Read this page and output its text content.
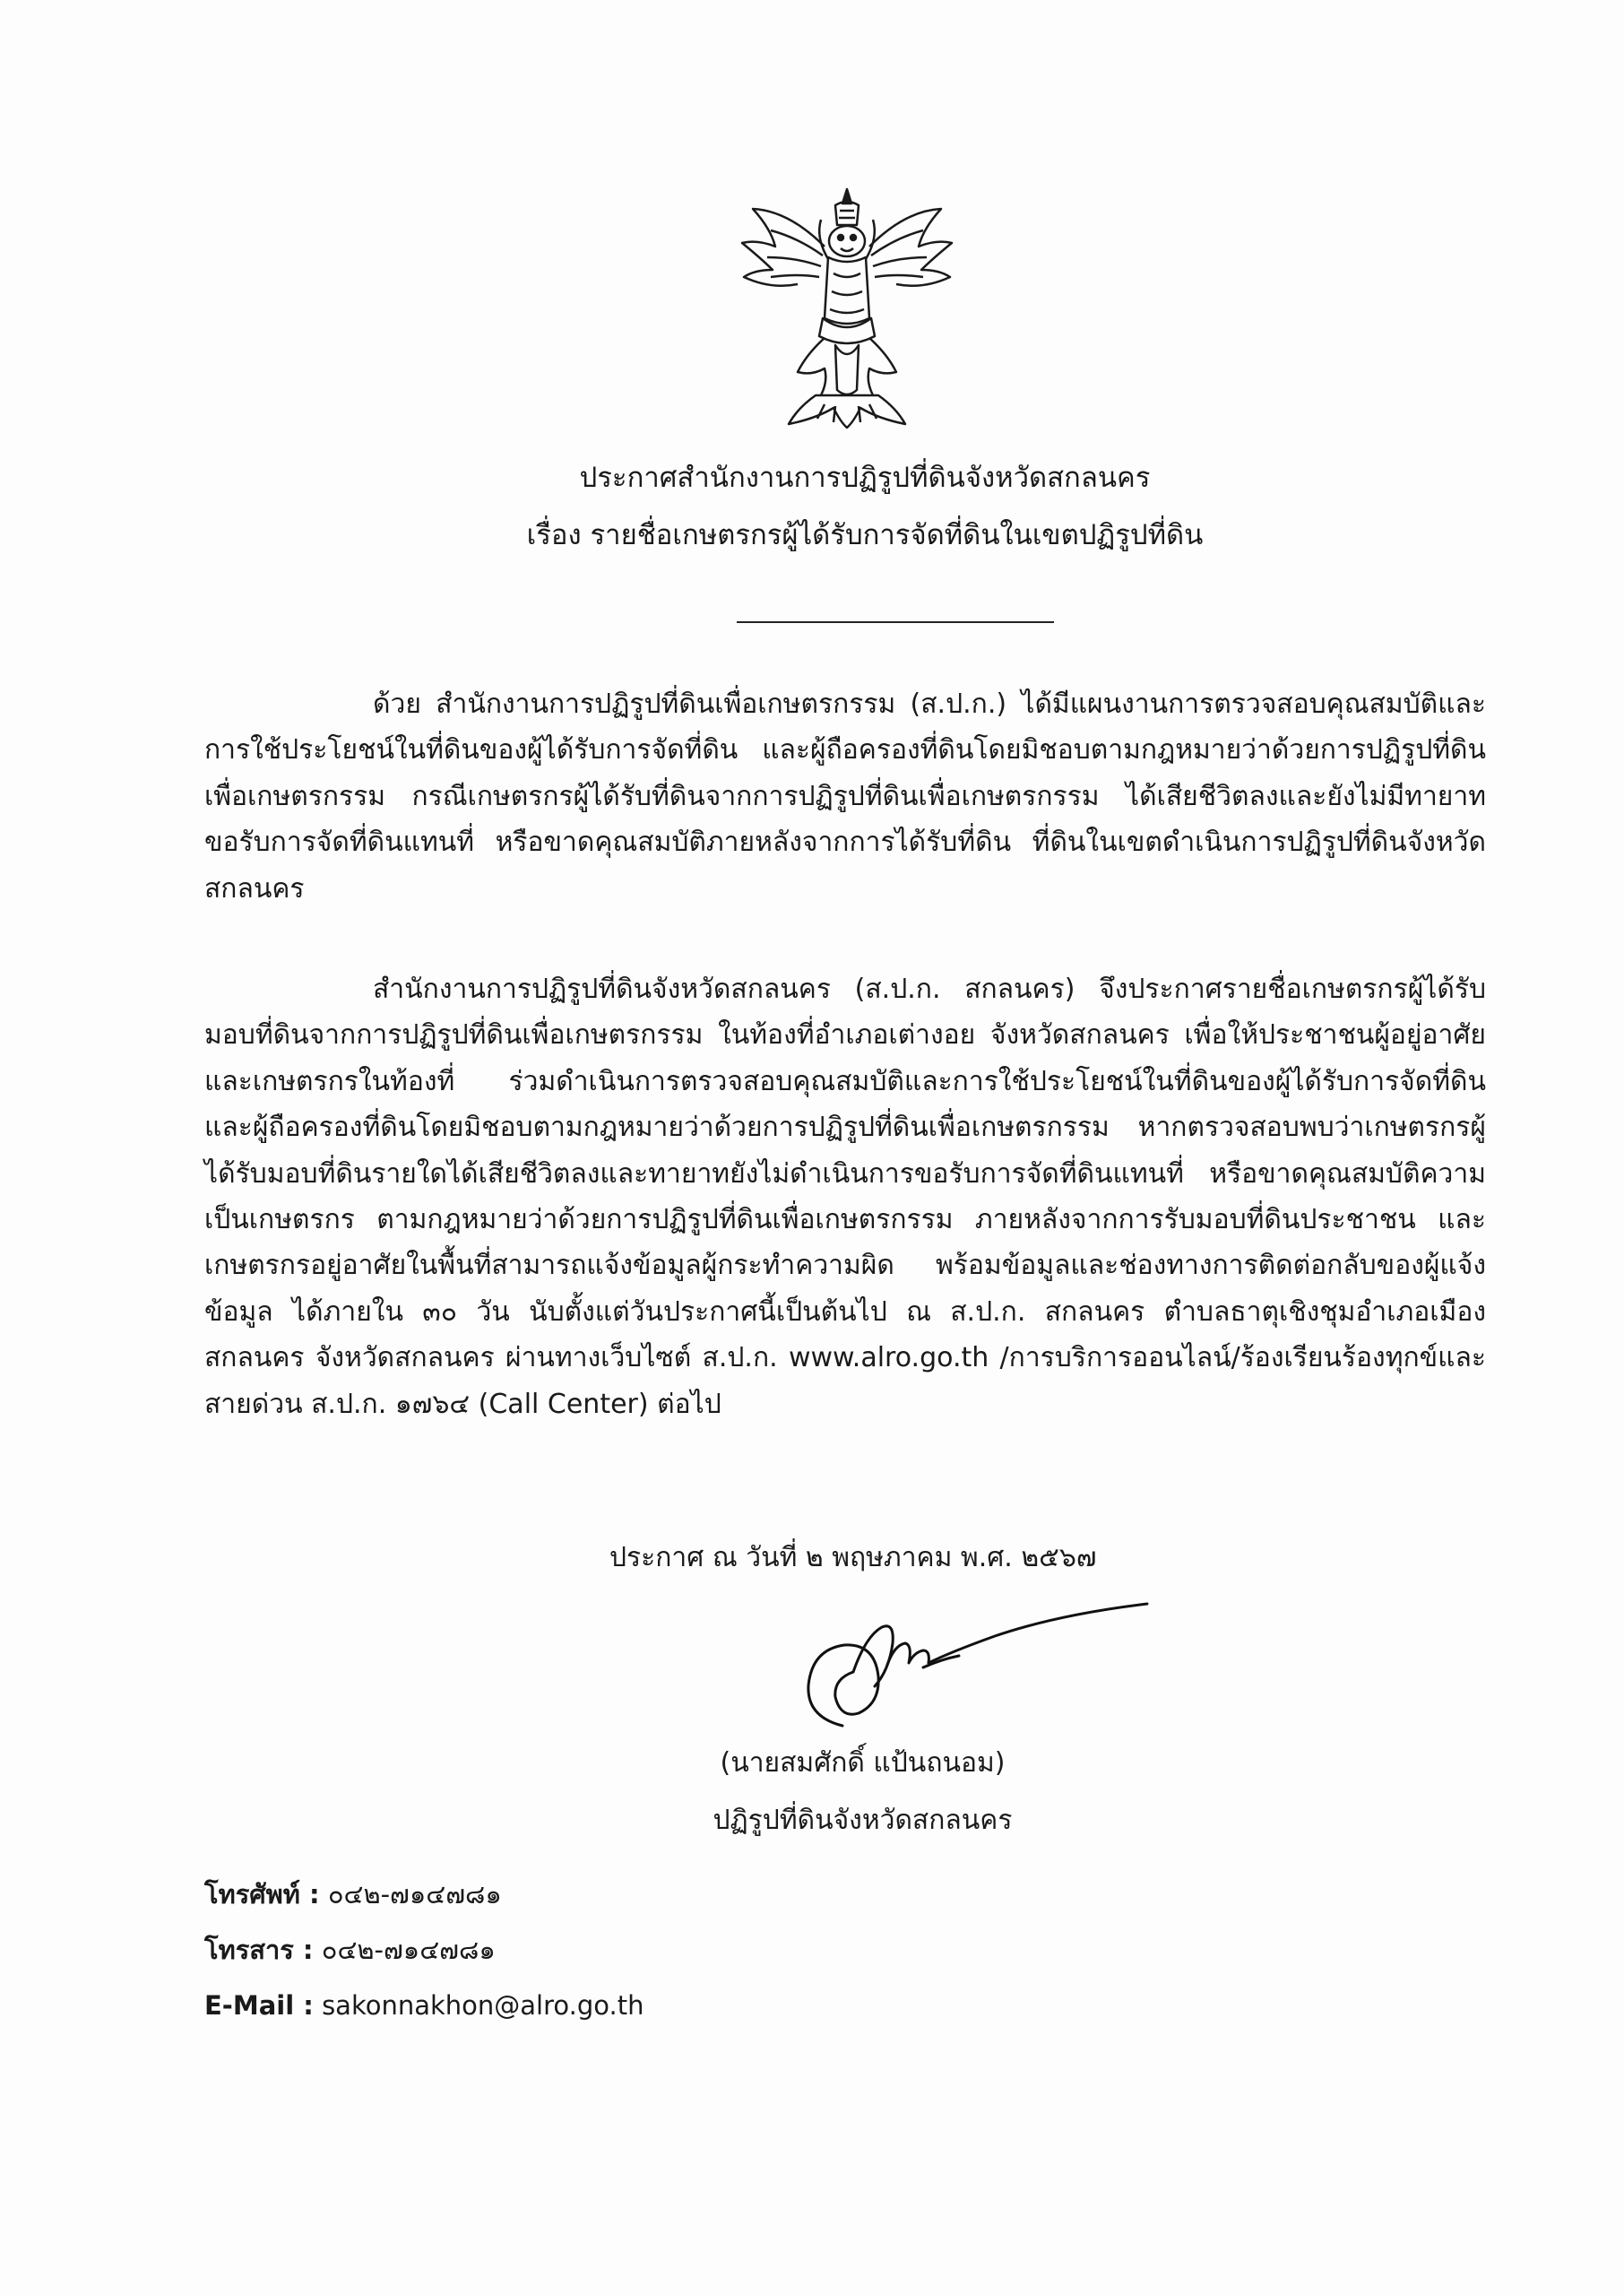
ประกาศสำนักงานการปฏิรูปที่ดินจังหวัดสกลนคร
เรื่อง รายชื่อเกษตรกรผู้ได้รับการจัดที่ดินในเขตปฏิรูปที่ดิน

ด้วย สำนักงานการปฏิรูปที่ดินเพื่อเกษตรกรรม (ส.ป.ก.) ได้มีแผนงานการตรวจสอบคุณสมบัติและการใช้ประโยชน์ในที่ดินของผู้ได้รับการจัดที่ดิน และผู้ถือครองที่ดินโดยมิชอบตามกฎหมายว่าด้วยการปฏิรูปที่ดินเพื่อเกษตรกรรม กรณีเกษตรกรผู้ได้รับที่ดินจากการปฏิรูปที่ดินเพื่อเกษตรกรรม ได้เสียชีวิตลงและยังไม่มีทายาทขอรับการจัดที่ดินแทนที่ หรือขาดคุณสมบัติภายหลังจากการได้รับที่ดิน ที่ดินในเขตดำเนินการปฏิรูปที่ดินจังหวัดสกลนคร

สำนักงานการปฏิรูปที่ดินจังหวัดสกลนคร (ส.ป.ก. สกลนคร) จึงประกาศรายชื่อเกษตรกรผู้ได้รับมอบที่ดินจากการปฏิรูปที่ดินเพื่อเกษตรกรรม ในท้องที่อำเภอเต่างอย จังหวัดสกลนคร เพื่อให้ประชาชนผู้อยู่อาศัยและเกษตรกรในท้องที่ ร่วมดำเนินการตรวจสอบคุณสมบัติและการใช้ประโยชน์ในที่ดินของผู้ได้รับการจัดที่ดิน และผู้ถือครองที่ดินโดยมิชอบตามกฎหมายว่าด้วยการปฏิรูปที่ดินเพื่อเกษตรกรรม หากตรวจสอบพบว่าเกษตรกรผู้ได้รับมอบที่ดินรายใดได้เสียชีวิตลงและทายาทยังไม่ดำเนินการขอรับการจัดที่ดินแทนที่ หรือขาดคุณสมบัติความเป็นเกษตรกร ตามกฎหมายว่าด้วยการปฏิรูปที่ดินเพื่อเกษตรกรรม ภายหลังจากการรับมอบที่ดินประชาชน และเกษตรกรอยู่อาศัยในพื้นที่สามารถแจ้งข้อมูลผู้กระทำความผิด พร้อมข้อมูลและช่องทางการติดต่อกลับของผู้แจ้งข้อมูล ได้ภายใน ๓๐ วัน นับตั้งแต่วันประกาศนี้เป็นต้นไป ณ ส.ป.ก. สกลนคร ตำบลธาตุเชิงชุมอำเภอเมืองสกลนคร จังหวัดสกลนคร ผ่านทางเว็บไซต์ ส.ป.ก. www.alro.go.th /การบริการออนไลน์/ร้องเรียนร้องทุกข์และสายด่วน ส.ป.ก. ๑๗๖๔ (Call Center) ต่อไป

ประกาศ ณ วันที่ ๒ พฤษภาคม พ.ศ. ๒๕๖๗
(นายสมศักดิ์ แป้นถนอม)
ปฏิรูปที่ดินจังหวัดสกลนคร
โทรศัพท์ : ๐๔๒-๗๑๔๗๘๑
โทรสาร : ๐๔๒-๗๑๔๗๘๑
E-Mail : sakonnakhon@alro.go.th
